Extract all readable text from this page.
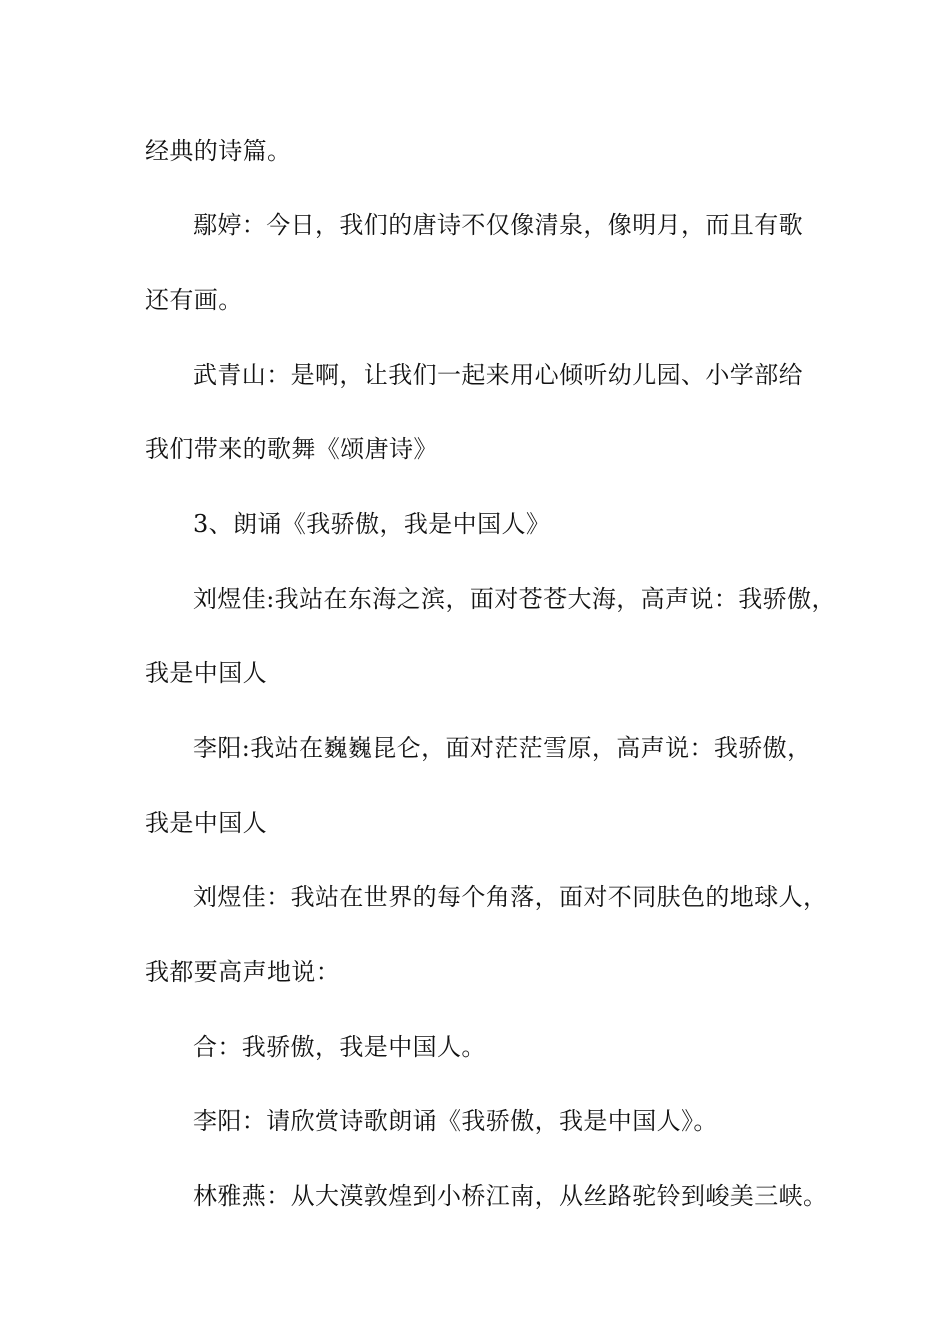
经典的诗篇。
鄢婷：今日，我们的唐诗不仅像清泉，像明月，而且有歌
还有画。
武青山：是啊，让我们一起来用心倾听幼儿园、小学部给
我们带来的歌舞《颂唐诗》
3、朗诵《我骄傲，我是中国人》
刘煜佳:我站在东海之滨，面对苍苍大海，高声说：我骄傲，
我是中国人
李阳:我站在巍巍昆仑，面对茫茫雪原，高声说：我骄傲，
我是中国人
刘煜佳：我站在世界的每个角落，面对不同肤色的地球人，
我都要高声地说：
合：我骄傲，我是中国人。
李阳：请欣赏诗歌朗诵《我骄傲，我是中国人》。
林雅燕：从大漠敦煌到小桥江南，从丝路驼铃到峻美三峡。
